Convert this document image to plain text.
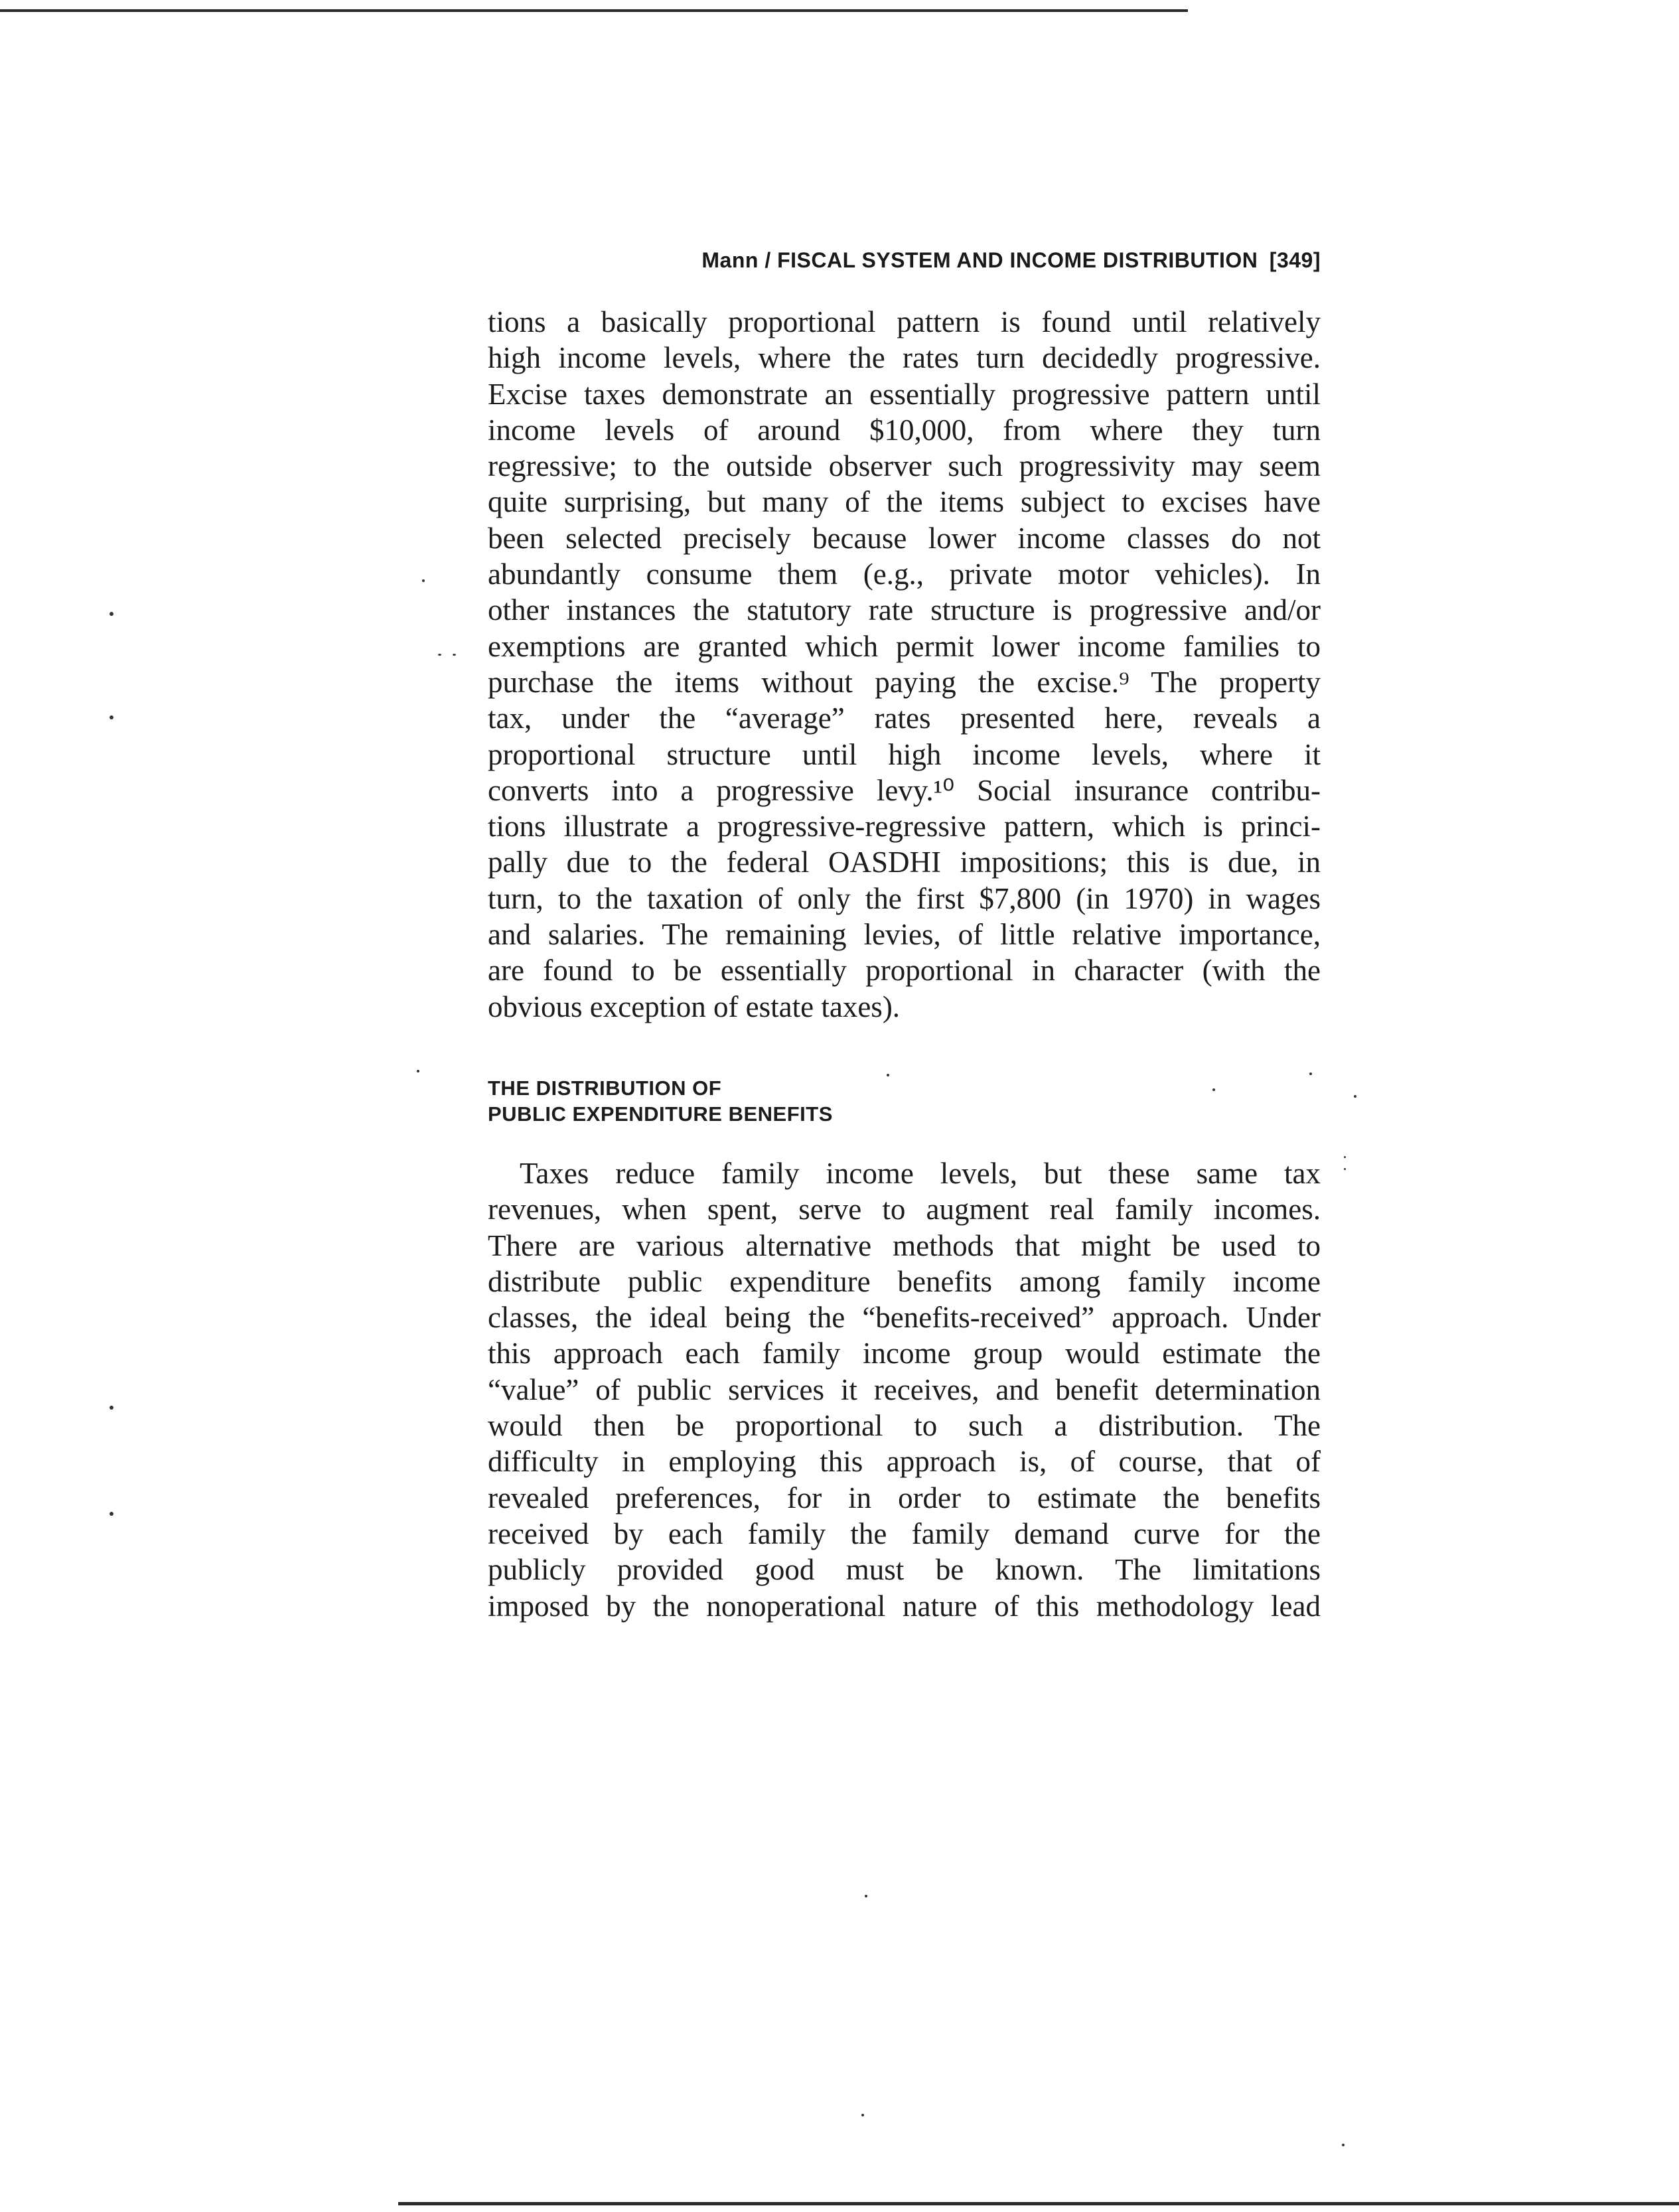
Mann / FISCAL SYSTEM AND INCOME DISTRIBUTION [349]
tions a basically proportional pattern is found until relatively
high income levels, where the rates turn decidedly progressive.
Excise taxes demonstrate an essentially progressive pattern until
income levels of around $10,000, from where they turn
regressive; to the outside observer such progressivity may seem
quite surprising, but many of the items subject to excises have
been selected precisely because lower income classes do not
abundantly consume them (e.g., private motor vehicles). In
other instances the statutory rate structure is progressive and/or
exemptions are granted which permit lower income families to
purchase the items without paying the excise.⁹ The property
tax, under the “average” rates presented here, reveals a
proportional structure until high income levels, where it
converts into a progressive levy.¹⁰ Social insurance contribu-
tions illustrate a progressive-regressive pattern, which is princi-
pally due to the federal OASDHI impositions; this is due, in
turn, to the taxation of only the first $7,800 (in 1970) in wages
and salaries. The remaining levies, of little relative importance,
are found to be essentially proportional in character (with the
obvious exception of estate taxes).
THE DISTRIBUTION OF
PUBLIC EXPENDITURE BENEFITS
Taxes reduce family income levels, but these same tax
revenues, when spent, serve to augment real family incomes.
There are various alternative methods that might be used to
distribute public expenditure benefits among family income
classes, the ideal being the “benefits-received” approach. Under
this approach each family income group would estimate the
“value” of public services it receives, and benefit determination
would then be proportional to such a distribution. The
difficulty in employing this approach is, of course, that of
revealed preferences, for in order to estimate the benefits
received by each family the family demand curve for the
publicly provided good must be known. The limitations
imposed by the nonoperational nature of this methodology lead
